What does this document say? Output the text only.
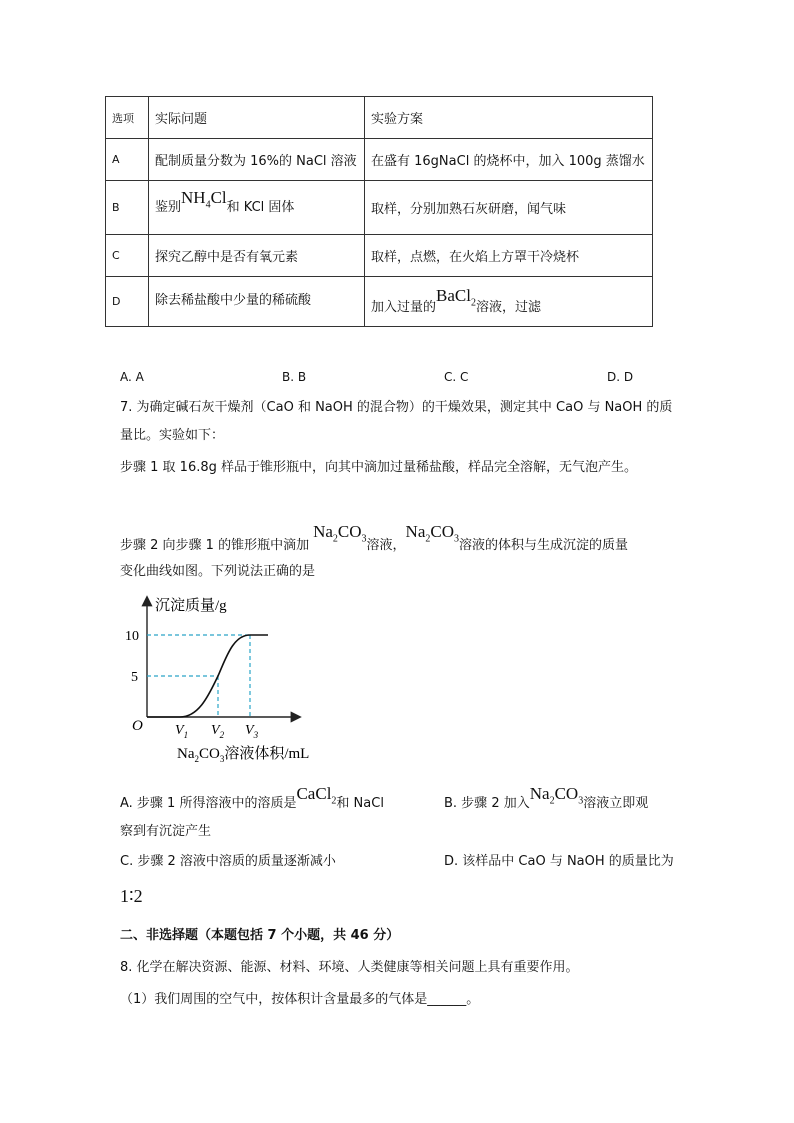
选项	实际问题	实验方案
A	配制质量分数为 16%的 NaCl 溶液	在盛有 16gNaCl 的烧杯中，加入 100g 蒸馏水
B	鉴别$NH_4Cl$和 KCl 固体	取样，分别加熟石灰研磨，闻气味
C	探究乙醇中是否有氧元素	取样，点燃，在火焰上方罩干冷烧杯
D	除去稀盐酸中少量的稀硫酸	加入过量的BaCl$_2$溶液，过滤
A. A	B. B	C. C	D. D
7. 为确定碱石灰干燥剂（CaO 和 NaOH 的混合物）的干燥效果，测定其中 CaO 与 NaOH 的质
量比。实验如下：
步骤 1 取 16.8g 样品于锥形瓶中，向其中滴加过量稀盐酸，样品完全溶解，无气泡产生。
步骤 2 向步骤 1 的锥形瓶中滴加$Na_2CO_3$溶液，$Na_2CO_3$溶液的体积与生成沉淀的质量
变化曲线如图。下列说法正确的是
沉淀质量/g
10
5
O $V_1$ $V_2$ $V_3$
$Na_2CO_3$溶液体积/mL
A. 步骤 1 所得溶液中的溶质是CaCl$_2$和 NaCl	B. 步骤 2 加入$Na_2CO_3$溶液立即观
察到有沉淀产生
C. 步骤 2 溶液中溶质的质量逐渐减小	D. 该样品中 CaO 与 NaOH 的质量比为
1∶2
二、非选择题（本题包括 7 个小题，共 46 分）
8. 化学在解决资源、能源、材料、环境、人类健康等相关问题上具有重要作用。
（1）我们周围的空气中，按体积计含量最多的气体是______。
